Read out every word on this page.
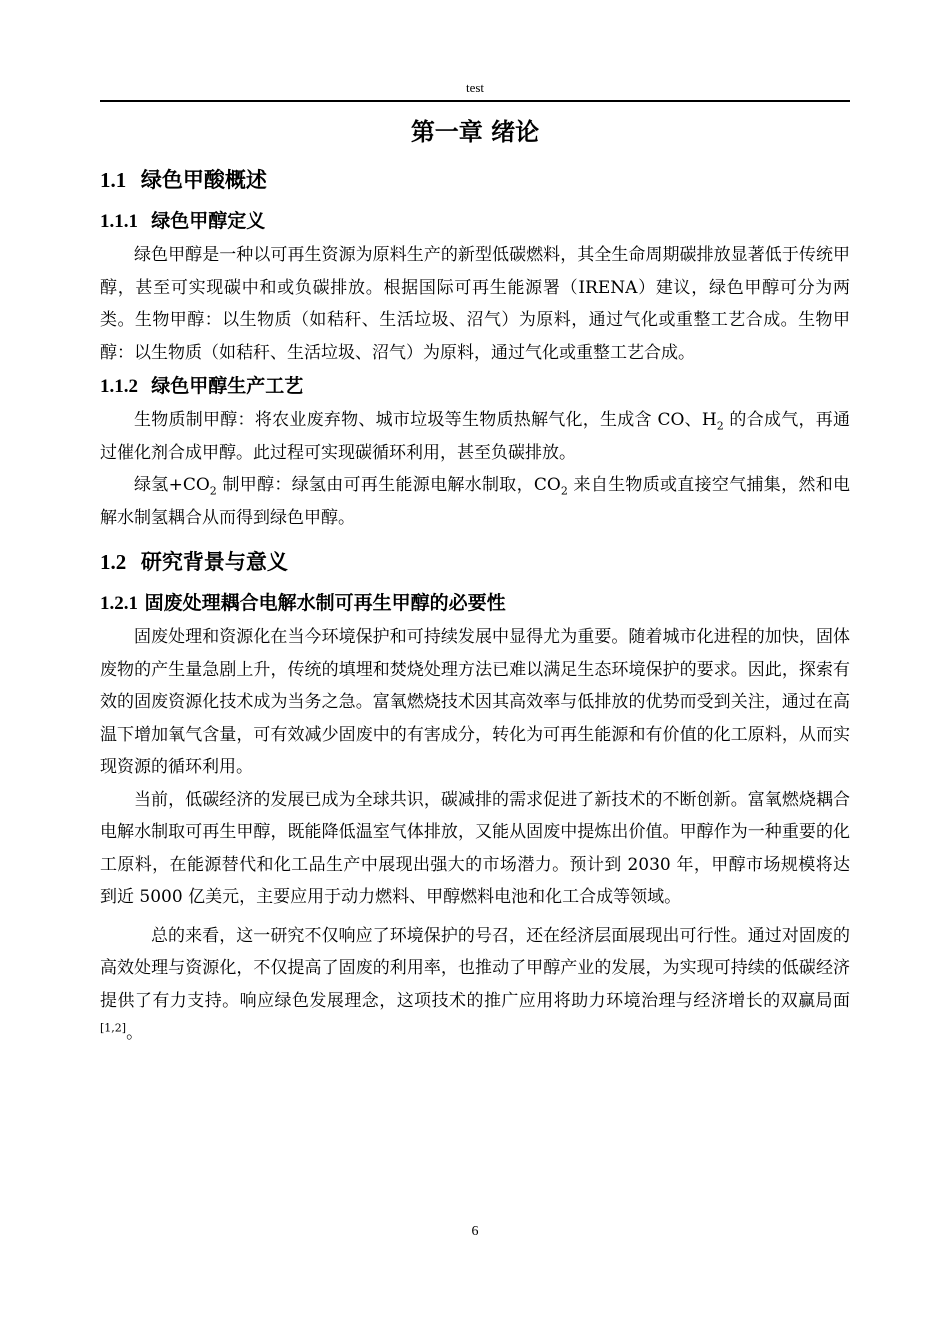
test
第一章 绪论
1.1 绿色甲酸概述
1.1.1 绿色甲醇定义

绿色甲醇是一种以可再生资源为原料生产的新型低碳燃料，其全生命周期碳排放显著低于传统甲醇，甚至可实现碳中和或负碳排放。根据国际可再生能源署（IRENA）建议，绿色甲醇可分为两类。生物甲醇：以生物质（如秸秆、生活垃圾、沼气）为原料，通过气化或重整工艺合成。生物甲醇：以生物质（如秸秆、生活垃圾、沼气）为原料，通过气化或重整工艺合成。

1.1.2 绿色甲醇生产工艺

生物质制甲醇：将农业废弃物、城市垃圾等生物质热解气化，生成含 CO、$H_2$ 的合成气，再通过催化剂合成甲醇。此过程可实现碳循环利用，甚至负碳排放。

绿氢$+CO_2$ 制甲醇：绿氢由可再生能源电解水制取，$CO_2$ 来自生物质或直接空气捕集，然和电解水制氢耦合从而得到绿色甲醇。

1.2 研究背景与意义
1.2.1 固废处理耦合电解水制可再生甲醇的必要性

固废处理和资源化在当今环境保护和可持续发展中显得尤为重要。随着城市化进程的加快，固体废物的产生量急剧上升，传统的填埋和焚烧处理方法已难以满足生态环境保护的要求。因此，探索有效的固废资源化技术成为当务之急。富氧燃烧技术因其高效率与低排放的优势而受到关注，通过在高温下增加氧气含量，可有效减少固废中的有害成分，转化为可再生能源和有价值的化工原料，从而实现资源的循环利用。

当前，低碳经济的发展已成为全球共识，碳减排的需求促进了新技术的不断创新。富氧燃烧耦合电解水制取可再生甲醇，既能降低温室气体排放，又能从固废中提炼出价值。甲醇作为一种重要的化工原料，在能源替代和化工品生产中展现出强大的市场潜力。预计到 2030 年，甲醇市场规模将达到近 5000 亿美元，主要应用于动力燃料、甲醇燃料电池和化工合成等领域。

总的来看，这一研究不仅响应了环境保护的号召，还在经济层面展现出可行性。通过对固废的高效处理与资源化，不仅提高了固废的利用率，也推动了甲醇产业的发展，为实现可持续的低碳经济提供了有力支持。响应绿色发展理念，这项技术的推广应用将助力环境治理与经济增长的双赢局面[1,2]。

6
